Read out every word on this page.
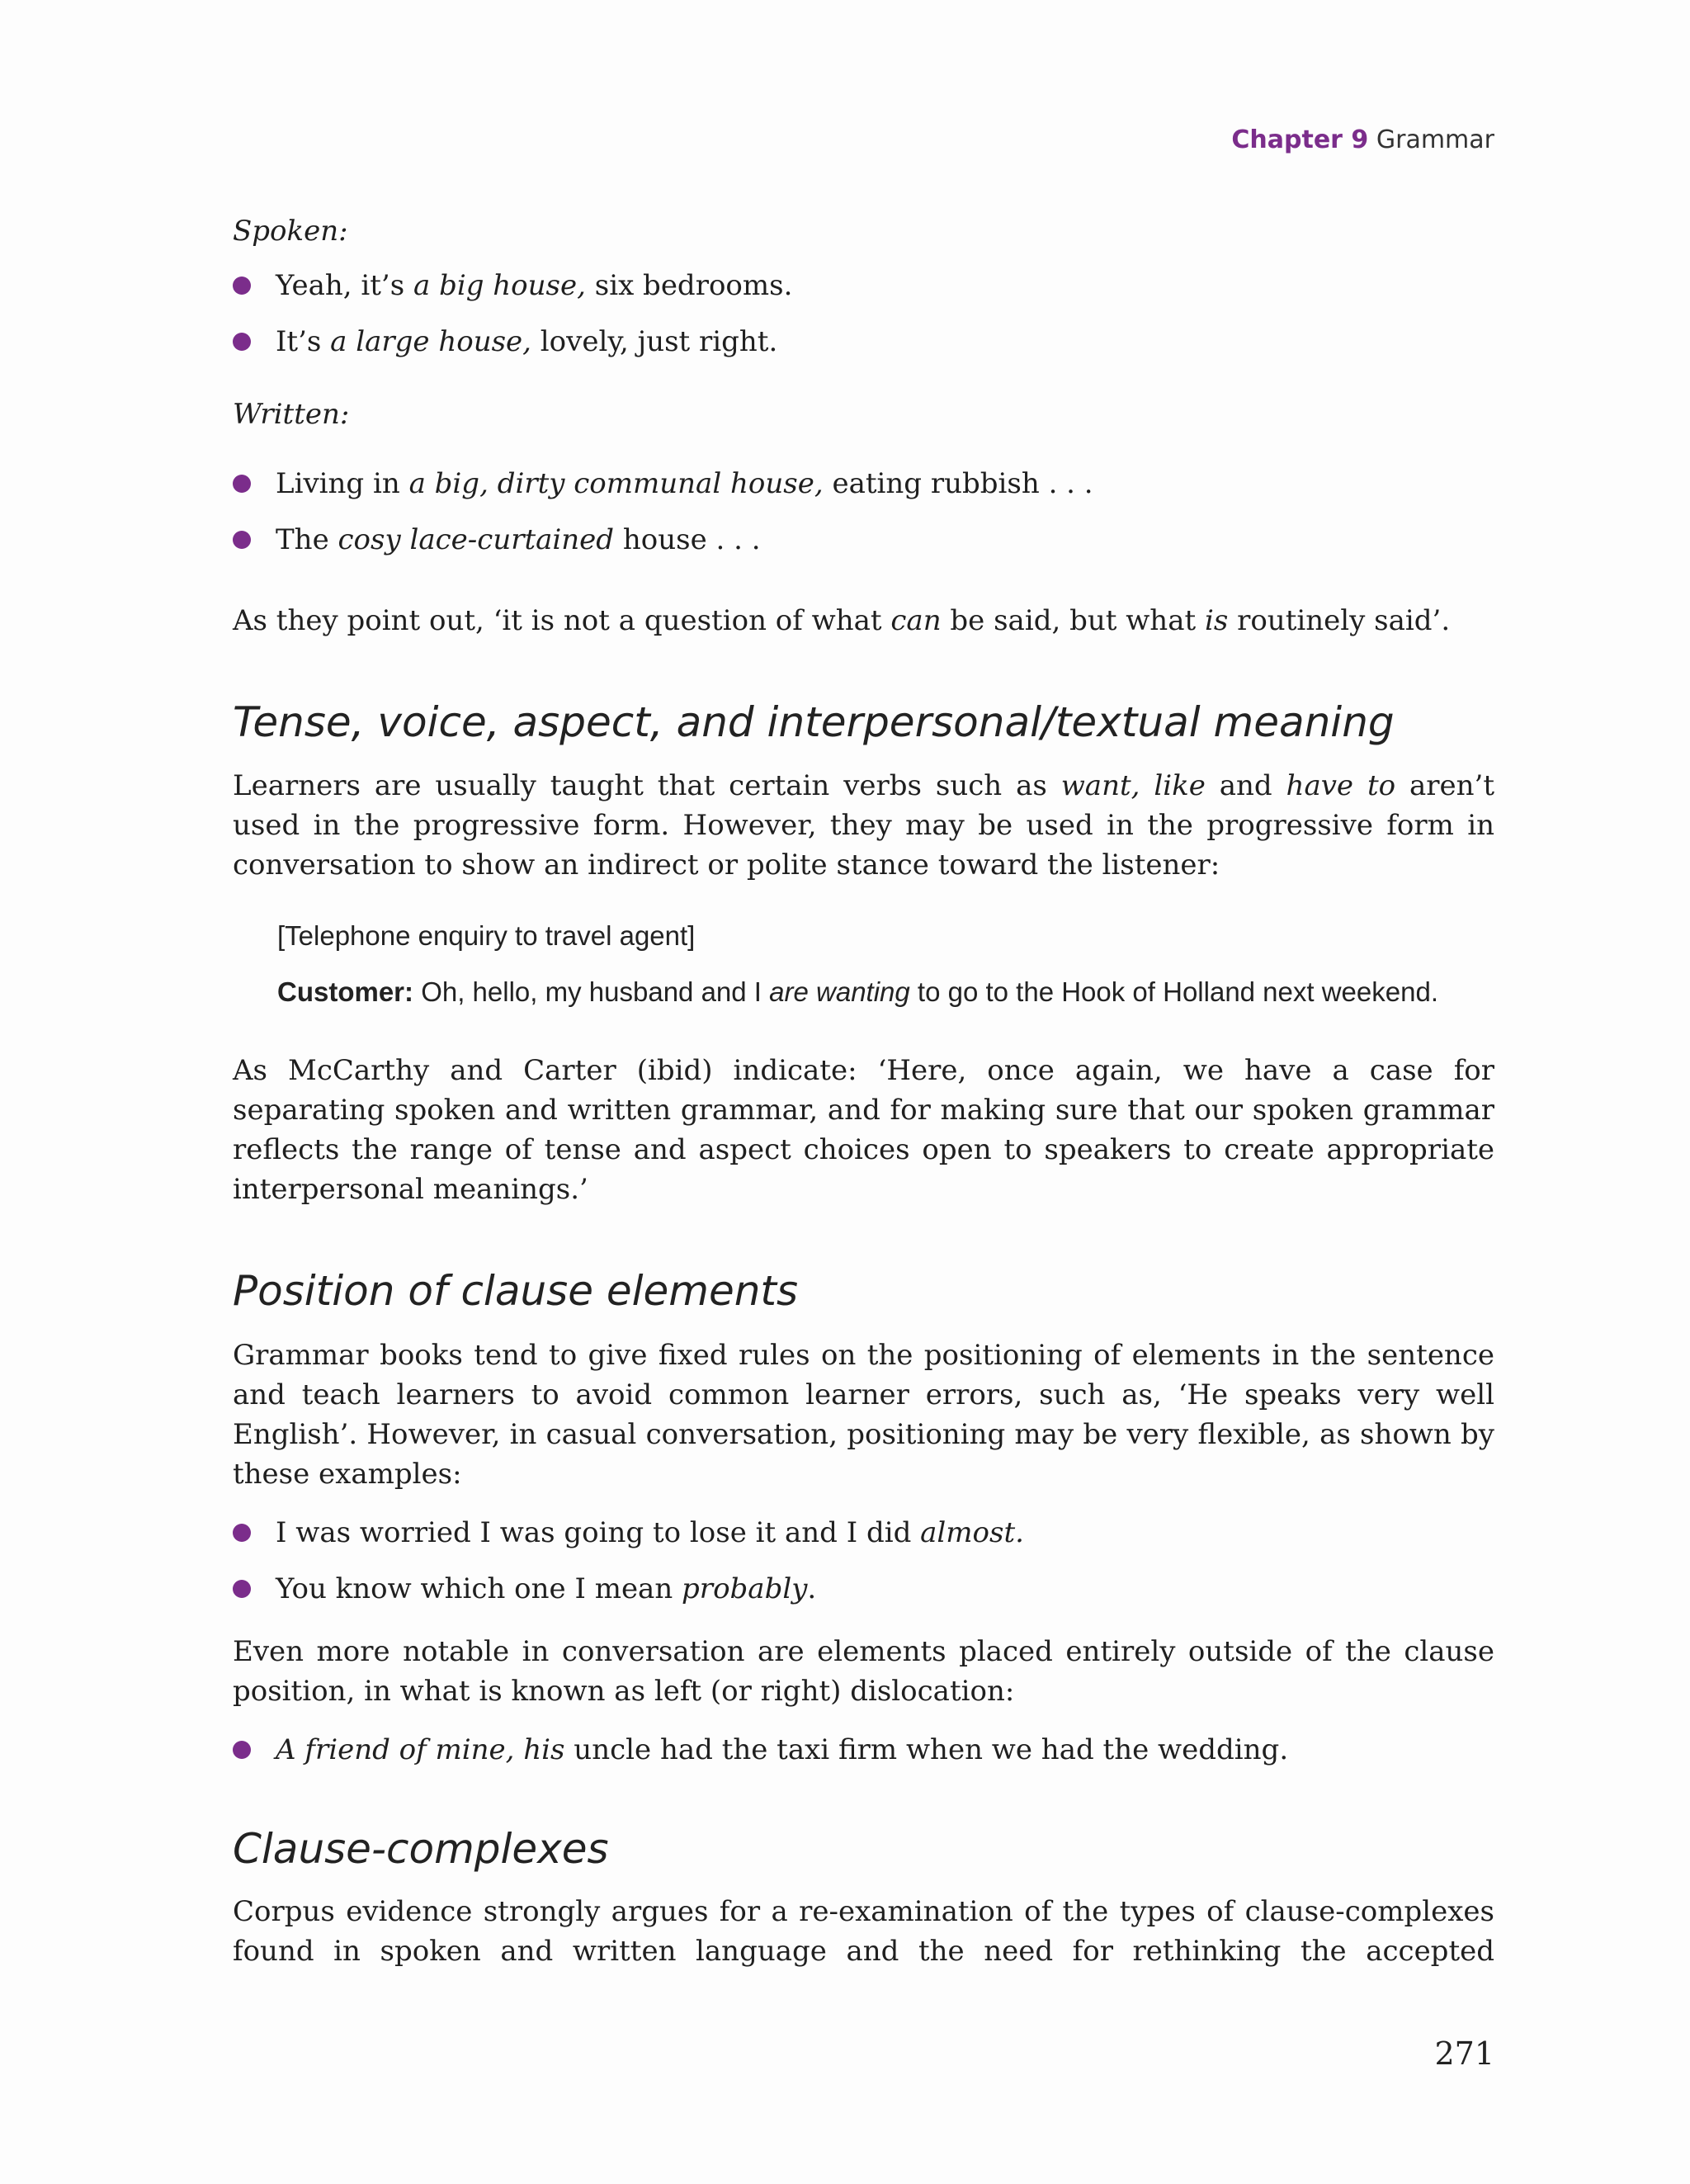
Chapter 9 Grammar

Spoken:

Yeah, it’s a big house, six bedrooms.
It’s a large house, lovely, just right.

Written:

Living in a big, dirty communal house, eating rubbish . . .
The cosy lace-curtained house . . .

As they point out, ‘it is not a question of what can be said, but what is routinely said’.

Tense, voice, aspect, and interpersonal/textual meaning

Learners are usually taught that certain verbs such as want, like and have to aren’t used in the progressive form. However, they may be used in the progressive form in conversation to show an indirect or polite stance toward the listener:

[Telephone enquiry to travel agent]
Customer: Oh, hello, my husband and I are wanting to go to the Hook of Holland next weekend.

As McCarthy and Carter (ibid) indicate: ‘Here, once again, we have a case for separating spoken and written grammar, and for making sure that our spoken grammar reflects the range of tense and aspect choices open to speakers to create appropriate interpersonal meanings.’

Position of clause elements

Grammar books tend to give fixed rules on the positioning of elements in the sentence and teach learners to avoid common learner errors, such as, ‘He speaks very well English’. However, in casual conversation, positioning may be very flexible, as shown by these examples:

I was worried I was going to lose it and I did almost.
You know which one I mean probably.

Even more notable in conversation are elements placed entirely outside of the clause position, in what is known as left (or right) dislocation:

A friend of mine, his uncle had the taxi firm when we had the wedding.
Clause-complexes

Corpus evidence strongly argues for a re-examination of the types of clause-complexes found in spoken and written language and the need for rethinking the accepted

271
